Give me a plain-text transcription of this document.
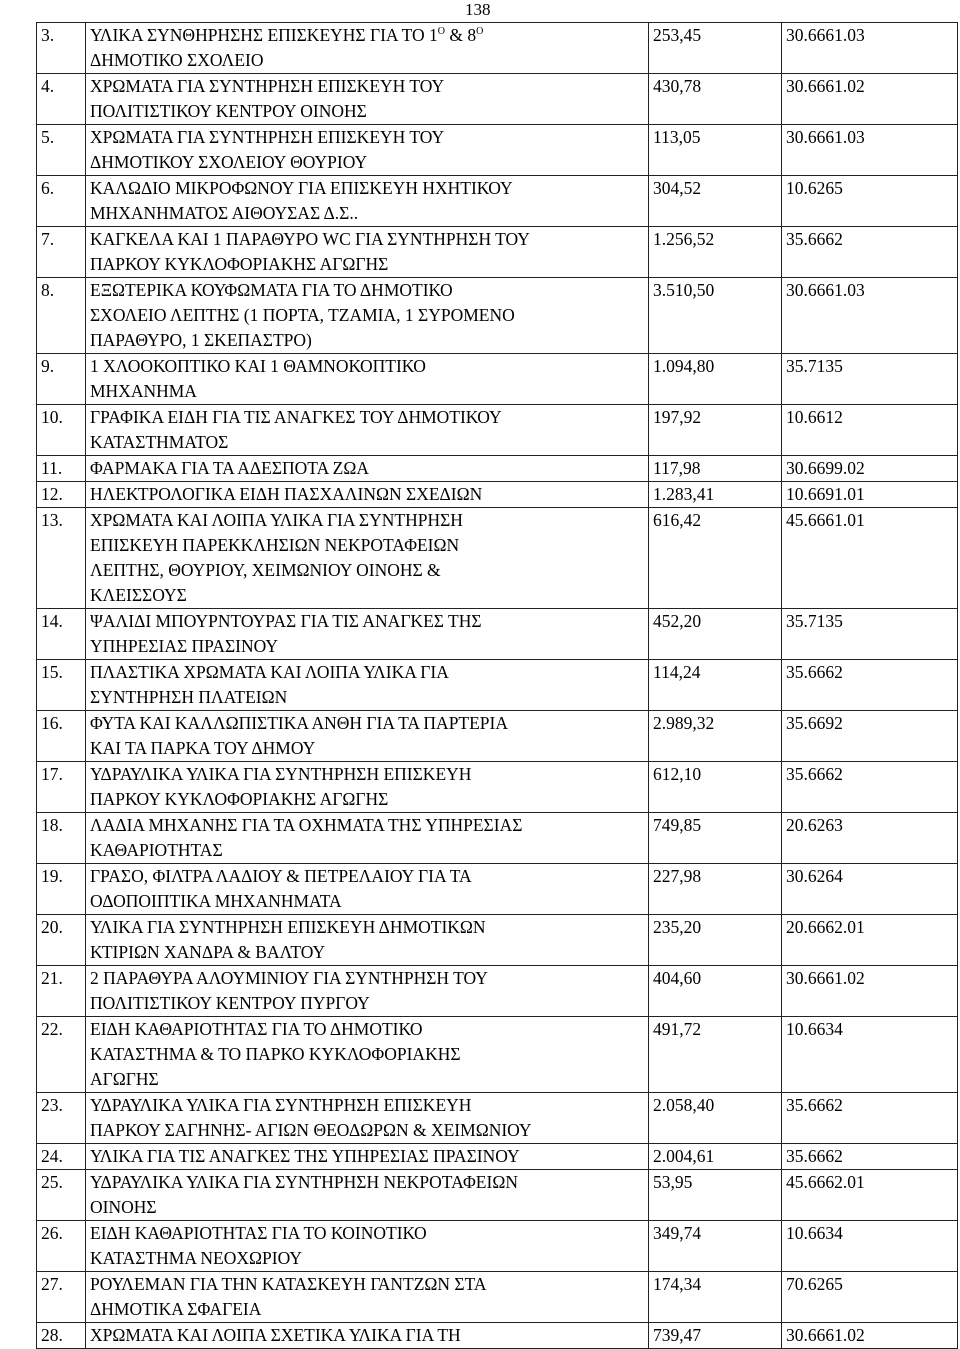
138
3.	ΥΛΙΚΑ ΣΥΝΘΗΡΗΣΗΣ ΕΠΙΣΚΕΥΗΣ ΓΙΑ ΤΟ $1^O$ & $8^O$
ΔΗΜΟΤΙΚΟ ΣΧΟΛΕΙΟ	253,45	30.6661.03
4.	ΧΡΩΜΑΤΑ ΓΙΑ ΣΥΝΤΗΡΗΣΗ ΕΠΙΣΚΕΥΗ ΤΟΥ
ΠΟΛΙΤΙΣΤΙΚΟΥ ΚΕΝΤΡΟΥ ΟΙΝΟΗΣ	430,78	30.6661.02
5.	ΧΡΩΜΑΤΑ ΓΙΑ ΣΥΝΤΗΡΗΣΗ ΕΠΙΣΚΕΥΗ ΤΟΥ
ΔΗΜΟΤΙΚΟΥ ΣΧΟΛΕΙΟΥ ΘΟΥΡΙΟΥ	113,05	30.6661.03
6.	ΚΑΛΩΔΙΟ ΜΙΚΡΟΦΩΝΟΥ ΓΙΑ ΕΠΙΣΚΕΥΗ ΗΧΗΤΙΚΟΥ
ΜΗΧΑΝΗΜΑΤΟΣ ΑΙΘΟΥΣΑΣ Δ.Σ..	304,52	10.6265
7.	ΚΑΓΚΕΛΑ ΚΑΙ 1 ΠΑΡΑΘΥΡΟ WC ΓΙΑ ΣΥΝΤΗΡΗΣΗ ΤΟΥ
ΠΑΡΚΟΥ ΚΥΚΛΟΦΟΡΙΑΚΗΣ ΑΓΩΓΗΣ	1.256,52	35.6662
8.	ΕΞΩΤΕΡΙΚΑ ΚΟΥΦΩΜΑΤΑ ΓΙΑ ΤΟ ΔΗΜΟΤΙΚΟ
ΣΧΟΛΕΙΟ ΛΕΠΤΗΣ (1 ΠΟΡΤΑ, ΤΖΑΜΙΑ, 1 ΣΥΡΟΜΕΝΟ
ΠΑΡΑΘΥΡΟ, 1 ΣΚΕΠΑΣΤΡΟ)	3.510,50	30.6661.03
9.	1 ΧΛΟΟΚΟΠΤΙΚΟ ΚΑΙ 1 ΘΑΜΝΟΚΟΠΤΙΚΟ
ΜΗΧΑΝΗΜΑ	1.094,80	35.7135
10.	ΓΡΑΦΙΚΑ ΕΙΔΗ ΓΙΑ ΤΙΣ ΑΝΑΓΚΕΣ ΤΟΥ ΔΗΜΟΤΙΚΟΥ
ΚΑΤΑΣΤΗΜΑΤΟΣ	197,92	10.6612
11.	ΦΑΡΜΑΚΑ ΓΙΑ ΤΑ ΑΔΕΣΠΟΤΑ ΖΩΑ	117,98	30.6699.02
12.	ΗΛΕΚΤΡΟΛΟΓΙΚΑ ΕΙΔΗ ΠΑΣΧΑΛΙΝΩΝ ΣΧΕΔΙΩΝ	1.283,41	10.6691.01
13.	ΧΡΩΜΑΤΑ ΚΑΙ ΛΟΙΠΑ ΥΛΙΚΑ ΓΙΑ ΣΥΝΤΗΡΗΣΗ
ΕΠΙΣΚΕΥΗ ΠΑΡΕΚΚΛΗΣΙΩΝ ΝΕΚΡΟΤΑΦΕΙΩΝ
ΛΕΠΤΗΣ, ΘΟΥΡΙΟΥ, ΧΕΙΜΩΝΙΟΥ ΟΙΝΟΗΣ &
ΚΛΕΙΣΣΟΥΣ	616,42	45.6661.01
14.	ΨΑΛΙΔΙ ΜΠΟΥΡΝΤΟΥΡΑΣ ΓΙΑ ΤΙΣ ΑΝΑΓΚΕΣ ΤΗΣ
ΥΠΗΡΕΣΙΑΣ ΠΡΑΣΙΝΟΥ	452,20	35.7135
15.	ΠΛΑΣΤΙΚΑ ΧΡΩΜΑΤΑ ΚΑΙ ΛΟΙΠΑ ΥΛΙΚΑ ΓΙΑ
ΣΥΝΤΗΡΗΣΗ ΠΛΑΤΕΙΩΝ	114,24	35.6662
16.	ΦΥΤΑ ΚΑΙ ΚΑΛΛΩΠΙΣΤΙΚΑ ΑΝΘΗ ΓΙΑ ΤΑ ΠΑΡΤΕΡΙΑ
ΚΑΙ ΤΑ ΠΑΡΚΑ ΤΟΥ ΔΗΜΟΥ	2.989,32	35.6692
17.	ΥΔΡΑΥΛΙΚΑ ΥΛΙΚΑ ΓΙΑ ΣΥΝΤΗΡΗΣΗ ΕΠΙΣΚΕΥΗ
ΠΑΡΚΟΥ ΚΥΚΛΟΦΟΡΙΑΚΗΣ ΑΓΩΓΗΣ	612,10	35.6662
18.	ΛΑΔΙΑ ΜΗΧΑΝΗΣ ΓΙΑ ΤΑ ΟΧΗΜΑΤΑ ΤΗΣ ΥΠΗΡΕΣΙΑΣ
ΚΑΘΑΡΙΟΤΗΤΑΣ	749,85	20.6263
19.	ΓΡΑΣΟ, ΦΙΛΤΡΑ ΛΑΔΙΟΥ & ΠΕΤΡΕΛΑΙΟΥ ΓΙΑ ΤΑ
ΟΔΟΠΟΙΠΤΙΚΑ ΜΗΧΑΝΗΜΑΤΑ	227,98	30.6264
20.	ΥΛΙΚΑ ΓΙΑ ΣΥΝΤΗΡΗΣΗ ΕΠΙΣΚΕΥΗ ΔΗΜΟΤΙΚΩΝ
ΚΤΙΡΙΩΝ ΧΑΝΔΡΑ & ΒΑΛΤΟΥ	235,20	20.6662.01
21.	2 ΠΑΡΑΘΥΡΑ ΑΛΟΥΜΙΝΙΟΥ ΓΙΑ ΣΥΝΤΗΡΗΣΗ ΤΟΥ
ΠΟΛΙΤΙΣΤΙΚΟΥ ΚΕΝΤΡΟΥ ΠΥΡΓΟΥ	404,60	30.6661.02
22.	ΕΙΔΗ ΚΑΘΑΡΙΟΤΗΤΑΣ ΓΙΑ ΤΟ ΔΗΜΟΤΙΚΟ
ΚΑΤΑΣΤΗΜΑ & ΤΟ ΠΑΡΚΟ ΚΥΚΛΟΦΟΡΙΑΚΗΣ
ΑΓΩΓΗΣ	491,72	10.6634
23.	ΥΔΡΑΥΛΙΚΑ ΥΛΙΚΑ ΓΙΑ ΣΥΝΤΗΡΗΣΗ ΕΠΙΣΚΕΥΗ
ΠΑΡΚΟΥ ΣΑΓΗΝΗΣ- ΑΓΙΩΝ ΘΕΟΔΩΡΩΝ & ΧΕΙΜΩΝΙΟΥ	2.058,40	35.6662
24.	ΥΛΙΚΑ ΓΙΑ ΤΙΣ ΑΝΑΓΚΕΣ ΤΗΣ ΥΠΗΡΕΣΙΑΣ ΠΡΑΣΙΝΟΥ	2.004,61	35.6662
25.	ΥΔΡΑΥΛΙΚΑ ΥΛΙΚΑ ΓΙΑ ΣΥΝΤΗΡΗΣΗ ΝΕΚΡΟΤΑΦΕΙΩΝ
ΟΙΝΟΗΣ	53,95	45.6662.01
26.	ΕΙΔΗ ΚΑΘΑΡΙΟΤΗΤΑΣ ΓΙΑ ΤΟ ΚΟΙΝΟΤΙΚΟ
ΚΑΤΑΣΤΗΜΑ ΝΕΟΧΩΡΙΟΥ	349,74	10.6634
27.	ΡΟΥΛΕΜΑΝ ΓΙΑ ΤΗΝ ΚΑΤΑΣΚΕΥΗ ΓΑΝΤΖΩΝ ΣΤΑ
ΔΗΜΟΤΙΚΑ ΣΦΑΓΕΙΑ	174,34	70.6265
28.	ΧΡΩΜΑΤΑ ΚΑΙ ΛΟΙΠΑ ΣΧΕΤΙΚΑ ΥΛΙΚΑ ΓΙΑ ΤΗ	739,47	30.6661.02
